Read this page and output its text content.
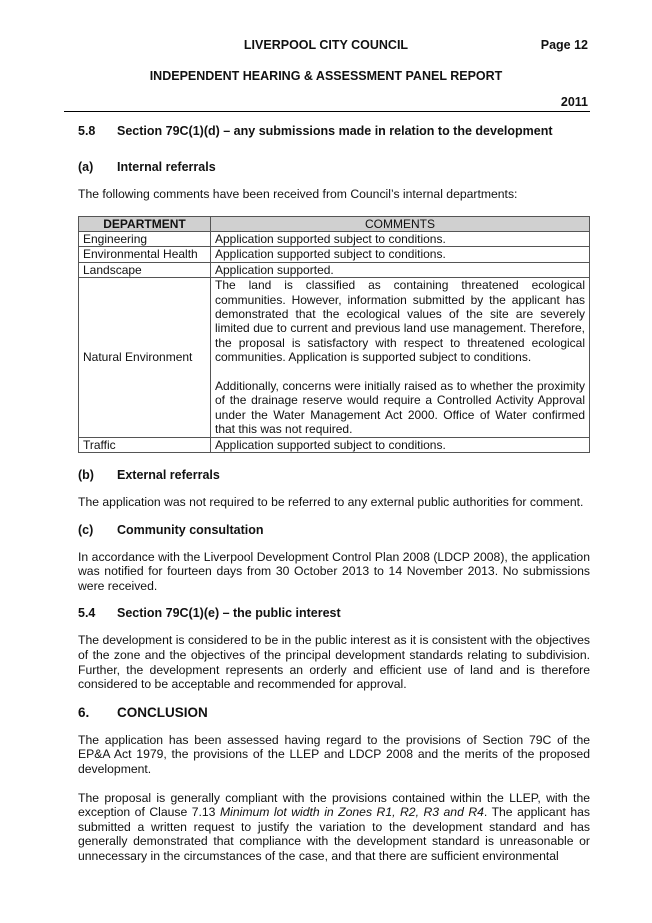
LIVERPOOL CITY COUNCIL	Page 12
INDEPENDENT HEARING & ASSESSMENT PANEL REPORT
2011
5.8	Section 79C(1)(d) – any submissions made in relation to the development
(a)	Internal referrals

The following comments have been received from Council’s internal departments:

DEPARTMENT	COMMENTS
Engineering	Application supported subject to conditions.
Environmental Health	Application supported subject to conditions.
Landscape	Application supported.
Natural Environment	The land is classified as containing threatened ecological communities. However, information submitted by the applicant has demonstrated that the ecological values of the site are severely limited due to current and previous land use management. Therefore, the proposal is satisfactory with respect to threatened ecological communities. Application is supported subject to conditions.
Additionally, concerns were initially raised as to whether the proximity of the drainage reserve would require a Controlled Activity Approval under the Water Management Act 2000. Office of Water confirmed that this was not required.

Traffic	Application supported subject to conditions.
(b)	External referrals

The application was not required to be referred to any external public authorities for comment.

(c)	Community consultation

In accordance with the Liverpool Development Control Plan 2008 (LDCP 2008), the application was notified for fourteen days from 30 October 2013 to 14 November 2013. No submissions were received.

5.4	Section 79C(1)(e) – the public interest

The development is considered to be in the public interest as it is consistent with the objectives of the zone and the objectives of the principal development standards relating to subdivision. Further, the development represents an orderly and efficient use of land and is therefore considered to be acceptable and recommended for approval.

6.	CONCLUSION

The application has been assessed having regard to the provisions of Section 79C of the EP&A Act 1979, the provisions of the LLEP and LDCP 2008 and the merits of the proposed development.

The proposal is generally compliant with the provisions contained within the LLEP, with the exception of Clause 7.13 Minimum lot width in Zones R1, R2, R3 and R4. The applicant has submitted a written request to justify the variation to the development standard and has generally demonstrated that compliance with the development standard is unreasonable or unnecessary in the circumstances of the case, and that there are sufficient environmental
